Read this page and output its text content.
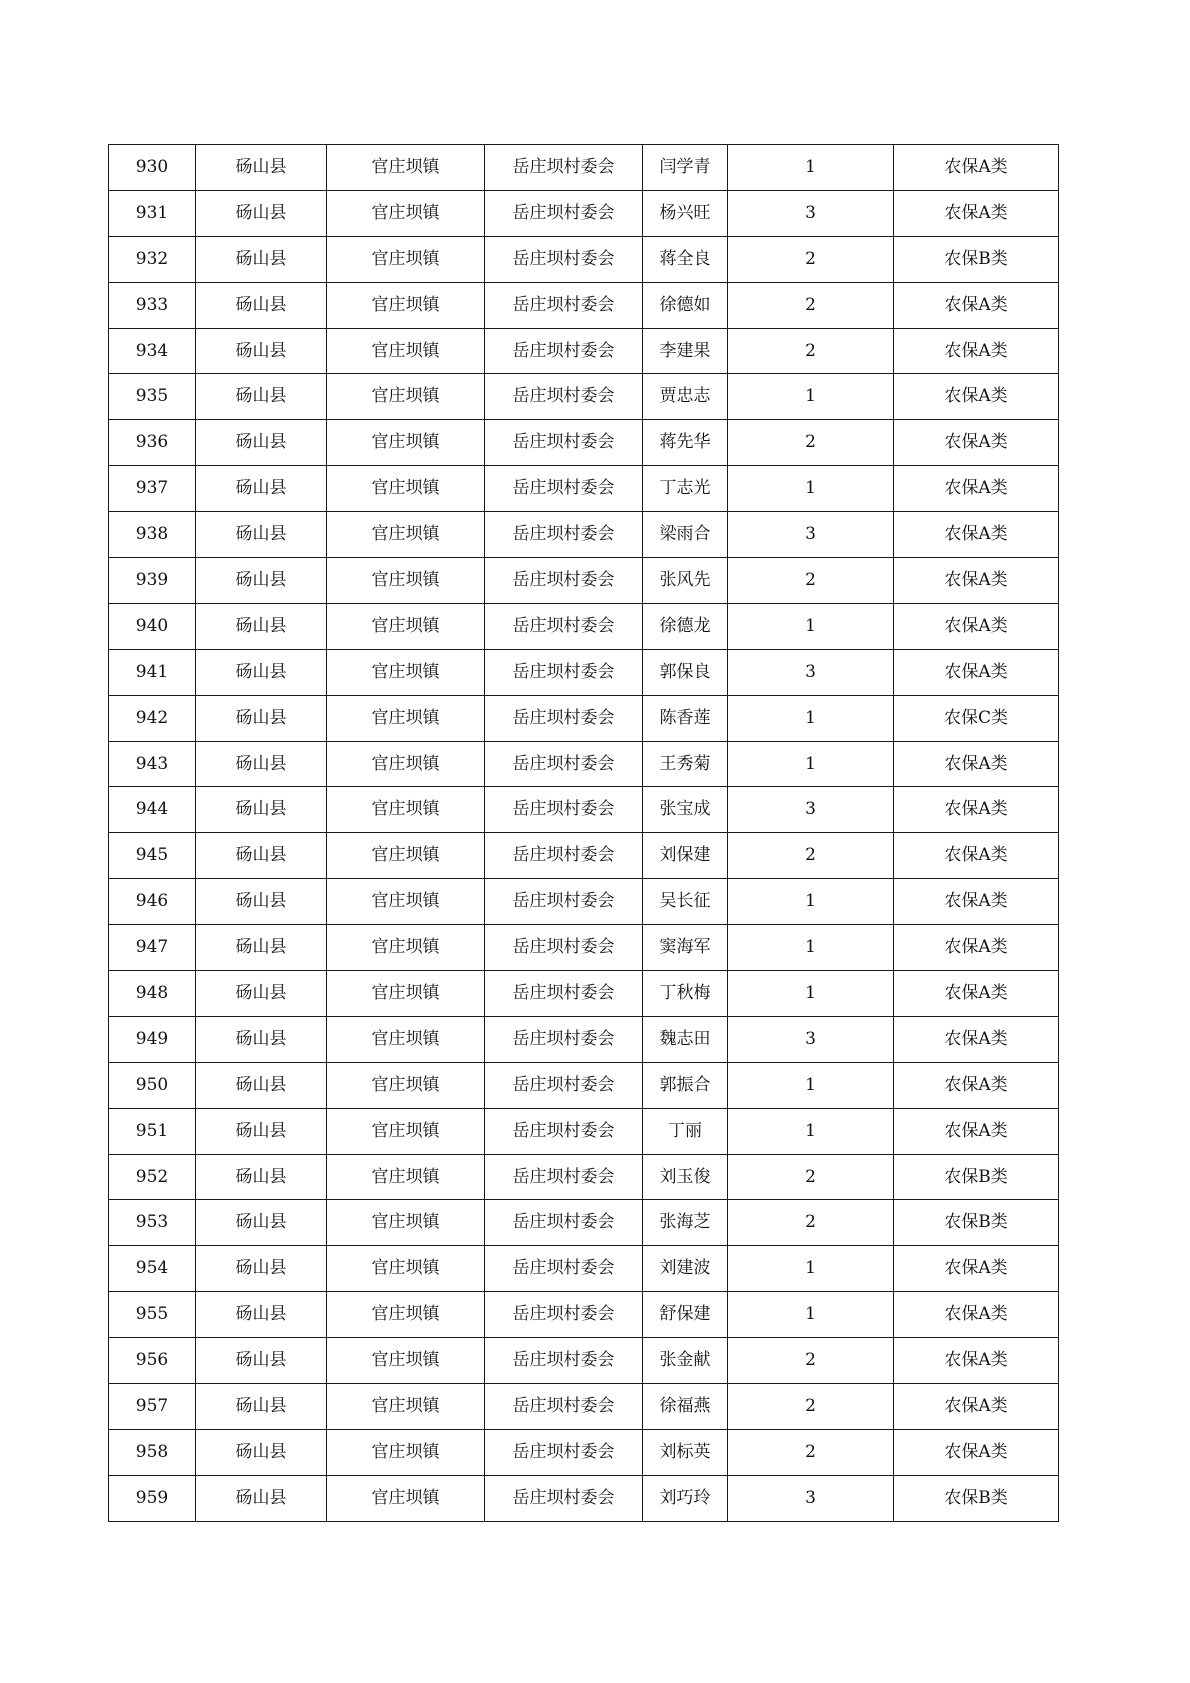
930	砀山县	官庄坝镇	岳庄坝村委会	闫学青	1	农保A类
931	砀山县	官庄坝镇	岳庄坝村委会	杨兴旺	3	农保A类
932	砀山县	官庄坝镇	岳庄坝村委会	蒋全良	2	农保B类
933	砀山县	官庄坝镇	岳庄坝村委会	徐德如	2	农保A类
934	砀山县	官庄坝镇	岳庄坝村委会	李建果	2	农保A类
935	砀山县	官庄坝镇	岳庄坝村委会	贾忠志	1	农保A类
936	砀山县	官庄坝镇	岳庄坝村委会	蒋先华	2	农保A类
937	砀山县	官庄坝镇	岳庄坝村委会	丁志光	1	农保A类
938	砀山县	官庄坝镇	岳庄坝村委会	梁雨合	3	农保A类
939	砀山县	官庄坝镇	岳庄坝村委会	张风先	2	农保A类
940	砀山县	官庄坝镇	岳庄坝村委会	徐德龙	1	农保A类
941	砀山县	官庄坝镇	岳庄坝村委会	郭保良	3	农保A类
942	砀山县	官庄坝镇	岳庄坝村委会	陈香莲	1	农保C类
943	砀山县	官庄坝镇	岳庄坝村委会	王秀菊	1	农保A类
944	砀山县	官庄坝镇	岳庄坝村委会	张宝成	3	农保A类
945	砀山县	官庄坝镇	岳庄坝村委会	刘保建	2	农保A类
946	砀山县	官庄坝镇	岳庄坝村委会	吴长征	1	农保A类
947	砀山县	官庄坝镇	岳庄坝村委会	窦海军	1	农保A类
948	砀山县	官庄坝镇	岳庄坝村委会	丁秋梅	1	农保A类
949	砀山县	官庄坝镇	岳庄坝村委会	魏志田	3	农保A类
950	砀山县	官庄坝镇	岳庄坝村委会	郭振合	1	农保A类
951	砀山县	官庄坝镇	岳庄坝村委会	丁丽	1	农保A类
952	砀山县	官庄坝镇	岳庄坝村委会	刘玉俊	2	农保B类
953	砀山县	官庄坝镇	岳庄坝村委会	张海芝	2	农保B类
954	砀山县	官庄坝镇	岳庄坝村委会	刘建波	1	农保A类
955	砀山县	官庄坝镇	岳庄坝村委会	舒保建	1	农保A类
956	砀山县	官庄坝镇	岳庄坝村委会	张金献	2	农保A类
957	砀山县	官庄坝镇	岳庄坝村委会	徐福燕	2	农保A类
958	砀山县	官庄坝镇	岳庄坝村委会	刘标英	2	农保A类
959	砀山县	官庄坝镇	岳庄坝村委会	刘巧玲	3	农保B类
